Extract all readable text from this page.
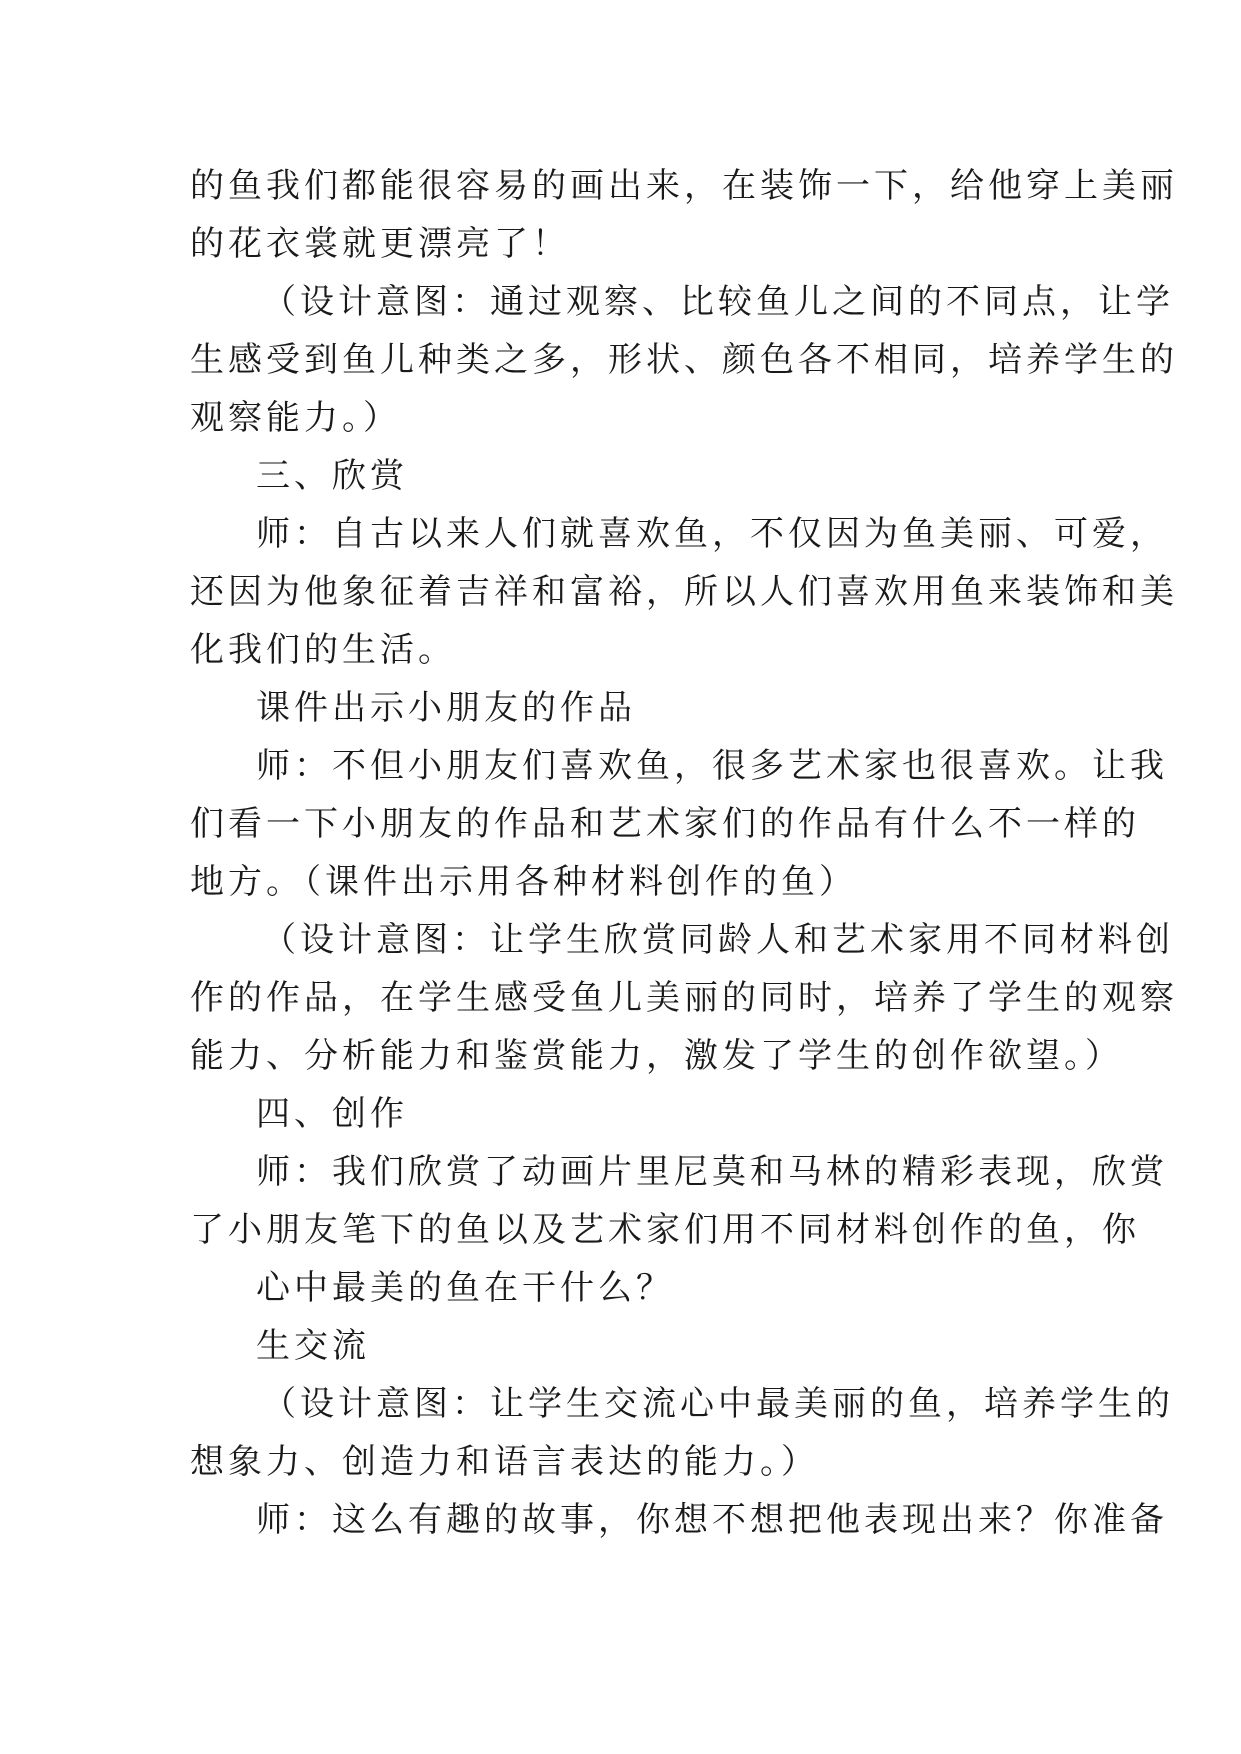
的鱼我们都能很容易的画出来，在装饰一下，给他穿上美丽
的花衣裳就更漂亮了！
（设计意图：通过观察、比较鱼儿之间的不同点，让学
生感受到鱼儿种类之多，形状、颜色各不相同，培养学生的
观察能力。）
三、欣赏
师：自古以来人们就喜欢鱼，不仅因为鱼美丽、可爱，
还因为他象征着吉祥和富裕，所以人们喜欢用鱼来装饰和美
化我们的生活。
课件出示小朋友的作品
师：不但小朋友们喜欢鱼，很多艺术家也很喜欢。让我
们看一下小朋友的作品和艺术家们的作品有什么不一样的
地方。（课件出示用各种材料创作的鱼）
（设计意图：让学生欣赏同龄人和艺术家用不同材料创
作的作品，在学生感受鱼儿美丽的同时，培养了学生的观察
能力、分析能力和鉴赏能力，激发了学生的创作欲望。）
四、创作
师：我们欣赏了动画片里尼莫和马林的精彩表现，欣赏
了小朋友笔下的鱼以及艺术家们用不同材料创作的鱼，你
心中最美的鱼在干什么？
生交流
（设计意图：让学生交流心中最美丽的鱼，培养学生的
想象力、创造力和语言表达的能力。）
师：这么有趣的故事，你想不想把他表现出来？你准备
